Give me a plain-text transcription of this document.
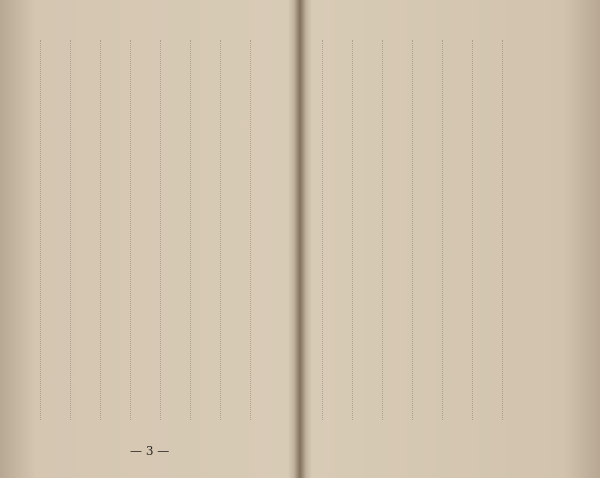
— 3 —
